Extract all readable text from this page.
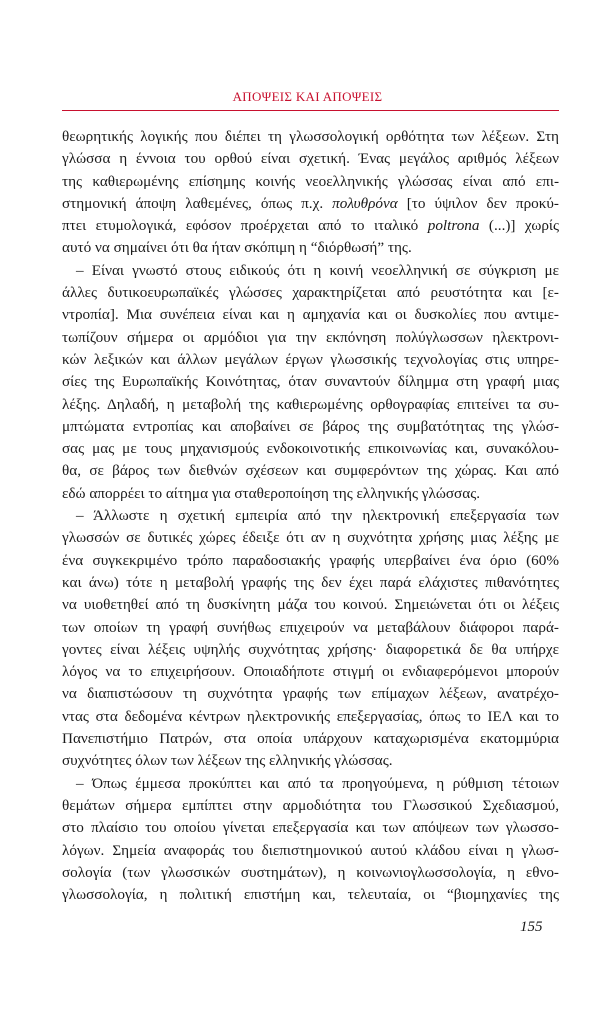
ΑΠΟΨΕΙΣ ΚΑΙ ΑΠΟΨΕΙΣ
θεωρητικής λογικής που διέπει τη γλωσσολογική ορθότητα των λέξεων. Στη
γλώσσα η έννοια του ορθού είναι σχετική. Ένας μεγάλος αριθμός λέξεων
της καθιερωμένης επίσημης κοινής νεοελληνικής γλώσσας είναι από επι-
στημονική άποψη λαθεμένες, όπως π.χ. πολυθρόνα [το ύψιλον δεν προκύ-
πτει ετυμολογικά, εφόσον προέρχεται από το ιταλικό poltrona (...)] χωρίς
αυτό να σημαίνει ότι θα ήταν σκόπιμη η “διόρθωσή” της.
– Είναι γνωστό στους ειδικούς ότι η κοινή νεοελληνική σε σύγκριση με
άλλες δυτικοευρωπαϊκές γλώσσες χαρακτηρίζεται από ρευστότητα και [ε-
ντροπία]. Μια συνέπεια είναι και η αμηχανία και οι δυσκολίες που αντιμε-
τωπίζουν σήμερα οι αρμόδιοι για την εκπόνηση πολύγλωσσων ηλεκτρονι-
κών λεξικών και άλλων μεγάλων έργων γλωσσικής τεχνολογίας στις υπηρε-
σίες της Ευρωπαϊκής Κοινότητας, όταν συναντούν δίλημμα στη γραφή μιας
λέξης. Δηλαδή, η μεταβολή της καθιερωμένης ορθογραφίας επιτείνει τα συ-
μπτώματα εντροπίας και αποβαίνει σε βάρος της συμβατότητας της γλώσ-
σας μας με τους μηχανισμούς ενδοκοινοτικής επικοινωνίας και, συνακόλου-
θα, σε βάρος των διεθνών σχέσεων και συμφερόντων της χώρας. Και από
εδώ απορρέει το αίτημα για σταθεροποίηση της ελληνικής γλώσσας.
– Άλλωστε η σχετική εμπειρία από την ηλεκτρονική επεξεργασία των
γλωσσών σε δυτικές χώρες έδειξε ότι αν η συχνότητα χρήσης μιας λέξης με
ένα συγκεκριμένο τρόπο παραδοσιακής γραφής υπερβαίνει ένα όριο (60%
και άνω) τότε η μεταβολή γραφής της δεν έχει παρά ελάχιστες πιθανότητες
να υιοθετηθεί από τη δυσκίνητη μάζα του κοινού. Σημειώνεται ότι οι λέξεις
των οποίων τη γραφή συνήθως επιχειρούν να μεταβάλουν διάφοροι παρά-
γοντες είναι λέξεις υψηλής συχνότητας χρήσης· διαφορετικά δε θα υπήρχε
λόγος να το επιχειρήσουν. Οποιαδήποτε στιγμή οι ενδιαφερόμενοι μπορούν
να διαπιστώσουν τη συχνότητα γραφής των επίμαχων λέξεων, ανατρέχο-
ντας στα δεδομένα κέντρων ηλεκτρονικής επεξεργασίας, όπως το ΙΕΛ και το
Πανεπιστήμιο Πατρών, στα οποία υπάρχουν καταχωρισμένα εκατομμύρια
συχνότητες όλων των λέξεων της ελληνικής γλώσσας.
– Όπως έμμεσα προκύπτει και από τα προηγούμενα, η ρύθμιση τέτοιων
θεμάτων σήμερα εμπίπτει στην αρμοδιότητα του Γλωσσικού Σχεδιασμού,
στο πλαίσιο του οποίου γίνεται επεξεργασία και των απόψεων των γλωσσο-
λόγων. Σημεία αναφοράς του διεπιστημονικού αυτού κλάδου είναι η γλωσ-
σολογία (των γλωσσικών συστημάτων), η κοινωνιογλωσσολογία, η εθνο-
γλωσσολογία, η πολιτική επιστήμη και, τελευταία, οι “βιομηχανίες της
155
